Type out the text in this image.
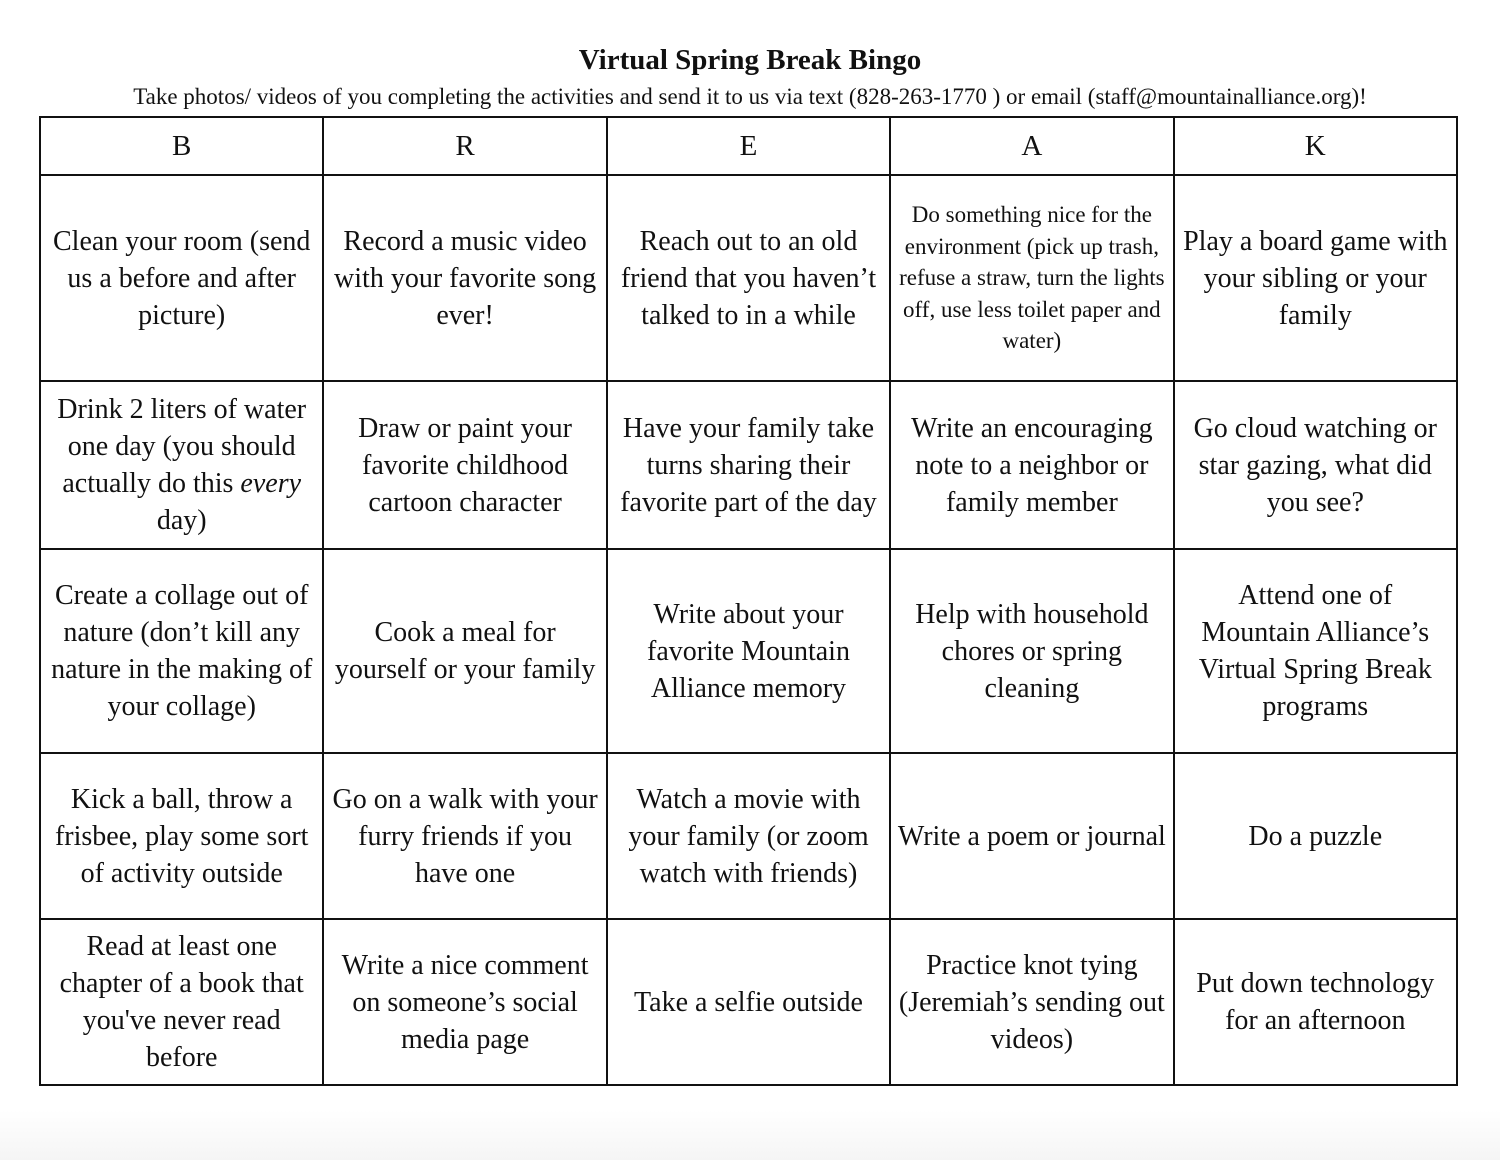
Virtual Spring Break Bingo
Take photos/ videos of you completing the activities and send it to us via text (828-263-1770 ) or email (staff@mountainalliance.org)!
B	R	E	A	K
Clean your room (send us a before and after picture)	Record a music video with your favorite song ever!	Reach out to an old friend that you haven’t talked to in a while	Do something nice for the environment (pick up trash, refuse a straw, turn the lights off, use less toilet paper and water)	Play a board game with your sibling or your family
Drink 2 liters of water one day (you should actually do this every day)	Draw or paint your favorite childhood cartoon character	Have your family take turns sharing their favorite part of the day	Write an encouraging note to a neighbor or family member	Go cloud watching or star gazing, what did you see?
Create a collage out of nature (don’t kill any nature in the making of your collage)	Cook a meal for yourself or your family	Write about your favorite Mountain Alliance memory	Help with household chores or spring cleaning	Attend one of Mountain Alliance’s Virtual Spring Break programs
Kick a ball, throw a frisbee, play some sort of activity outside	Go on a walk with your furry friends if you have one	Watch a movie with your family (or zoom watch with friends)	Write a poem or journal	Do a puzzle
Read at least one chapter of a book that you've never read before	Write a nice comment on someone’s social media page	Take a selfie outside	Practice knot tying (Jeremiah’s sending out videos)	Put down technology for an afternoon
